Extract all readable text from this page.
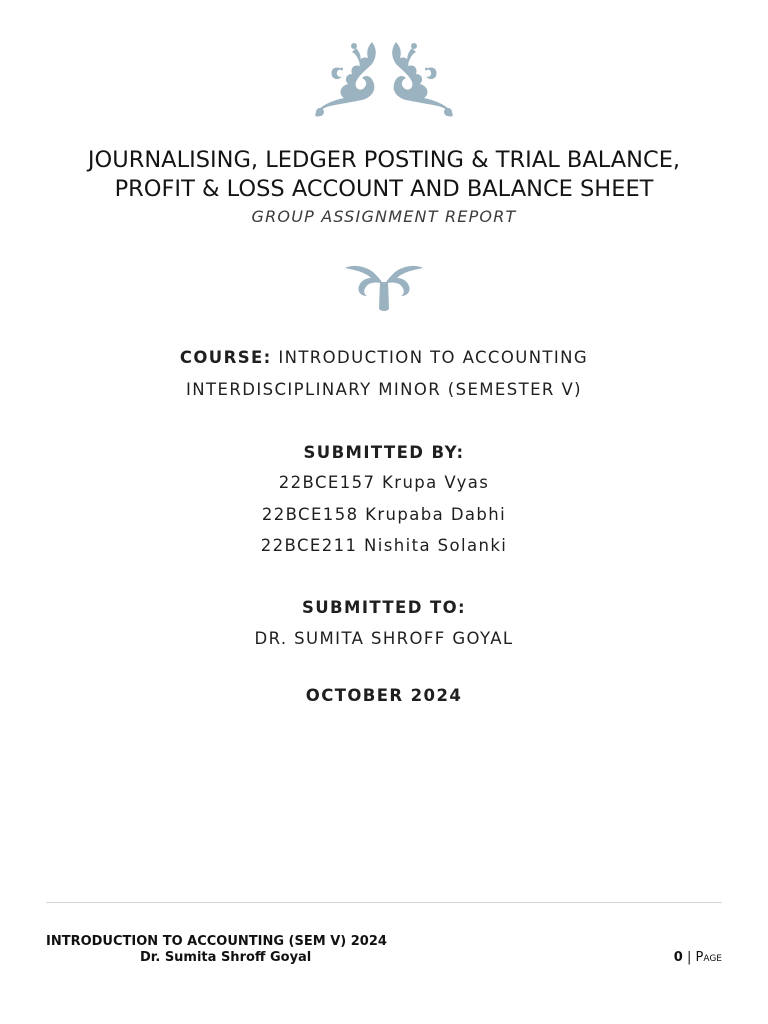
JOURNALISING, LEDGER POSTING & TRIAL BALANCE,
PROFIT & LOSS ACCOUNT AND BALANCE SHEET
GROUP ASSIGNMENT REPORT
COURSE: INTRODUCTION TO ACCOUNTING
INTERDISCIPLINARY MINOR (SEMESTER V)
SUBMITTED BY:
22BCE157 Krupa Vyas
22BCE158 Krupaba Dabhi
22BCE211 Nishita Solanki
SUBMITTED TO:
DR. SUMITA SHROFF GOYAL
OCTOBER 2024
INTRODUCTION TO ACCOUNTING (SEM V) 2024
Dr. Sumita Shroff Goyal	0 | Page
